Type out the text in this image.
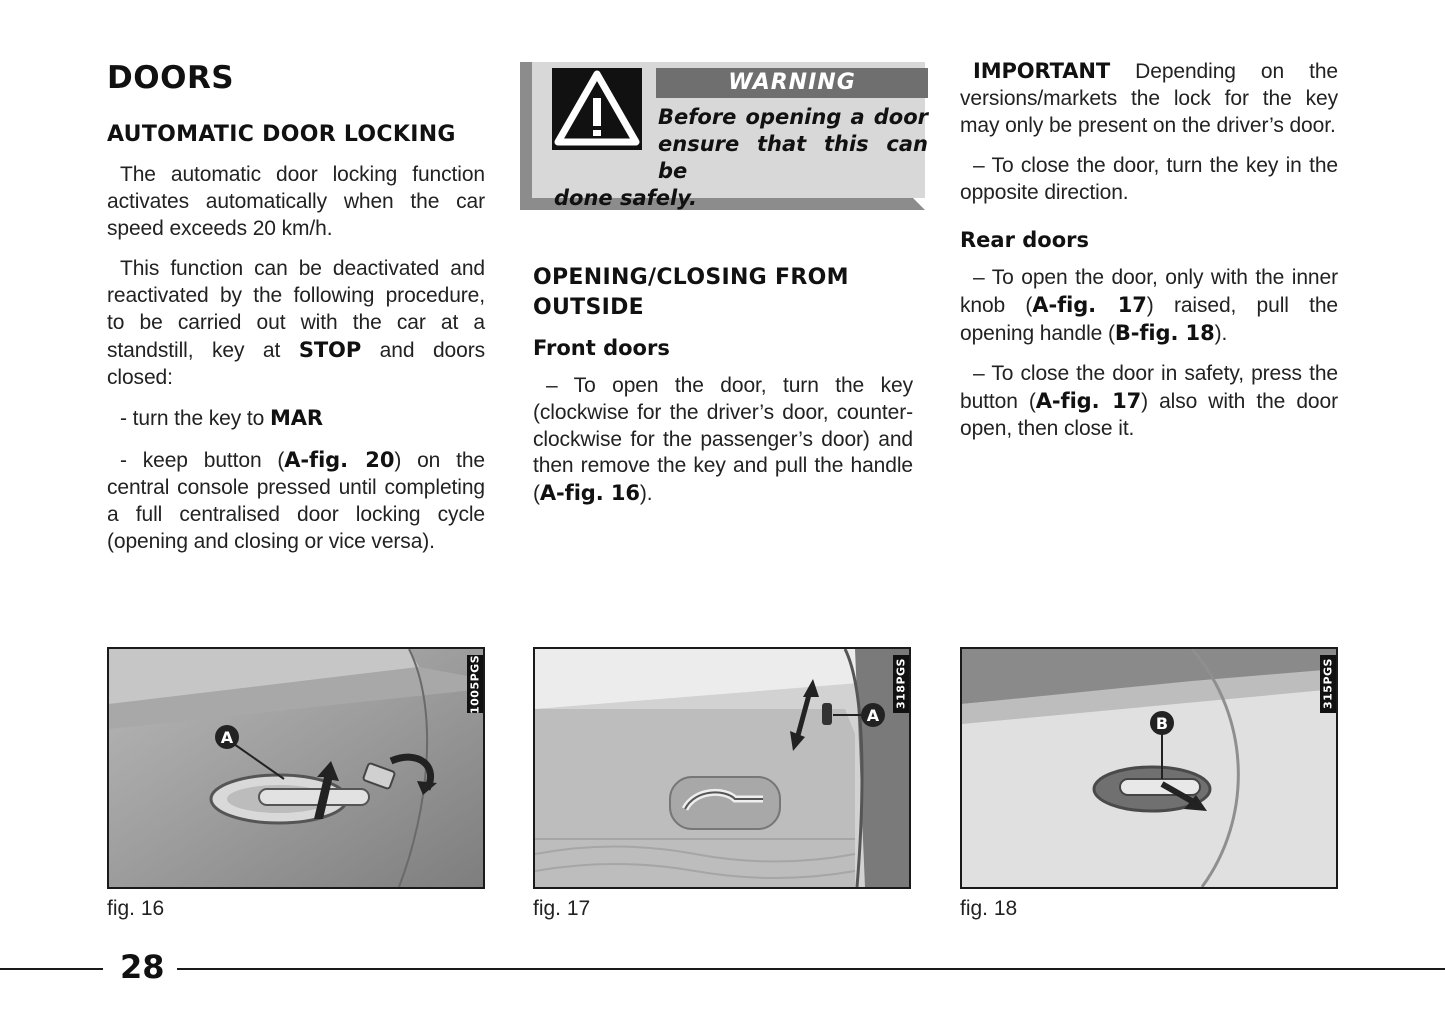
DOORS
AUTOMATIC DOOR LOCKING

The automatic door locking function activates automatically when the car speed exceeds 20 km/h.

This function can be deactivated and reactivated by the following procedure, to be carried out with the car at a standstill, key at STOP and doors closed:

- turn the key to MAR

- keep button (A-fig. 20) on the central console pressed until completing a full centralised door locking cycle (opening and closing or vice versa).

WARNING
Before opening a door
ensure that this can be
done safely.
OPENING/CLOSING FROM OUTSIDE
Front doors

– To open the door, turn the key (clockwise for the driver’s door, counter-clockwise for the passenger’s door) and then remove the key and pull the handle (A-fig. 16).

IMPORTANT Depending on the versions/markets the lock for the key may only be present on the driver’s door.

– To close the door, turn the key in the opposite direction.

Rear doors

– To open the door, only with the inner knob (A-fig. 17) raised, pull the opening handle (B-fig. 18).

– To close the door in safety, press the button (A-fig. 17) also with the door open, then close it.

A
1005PGS
fig. 16
A
318PGS
fig. 17
B
315PGS
fig. 18
28
